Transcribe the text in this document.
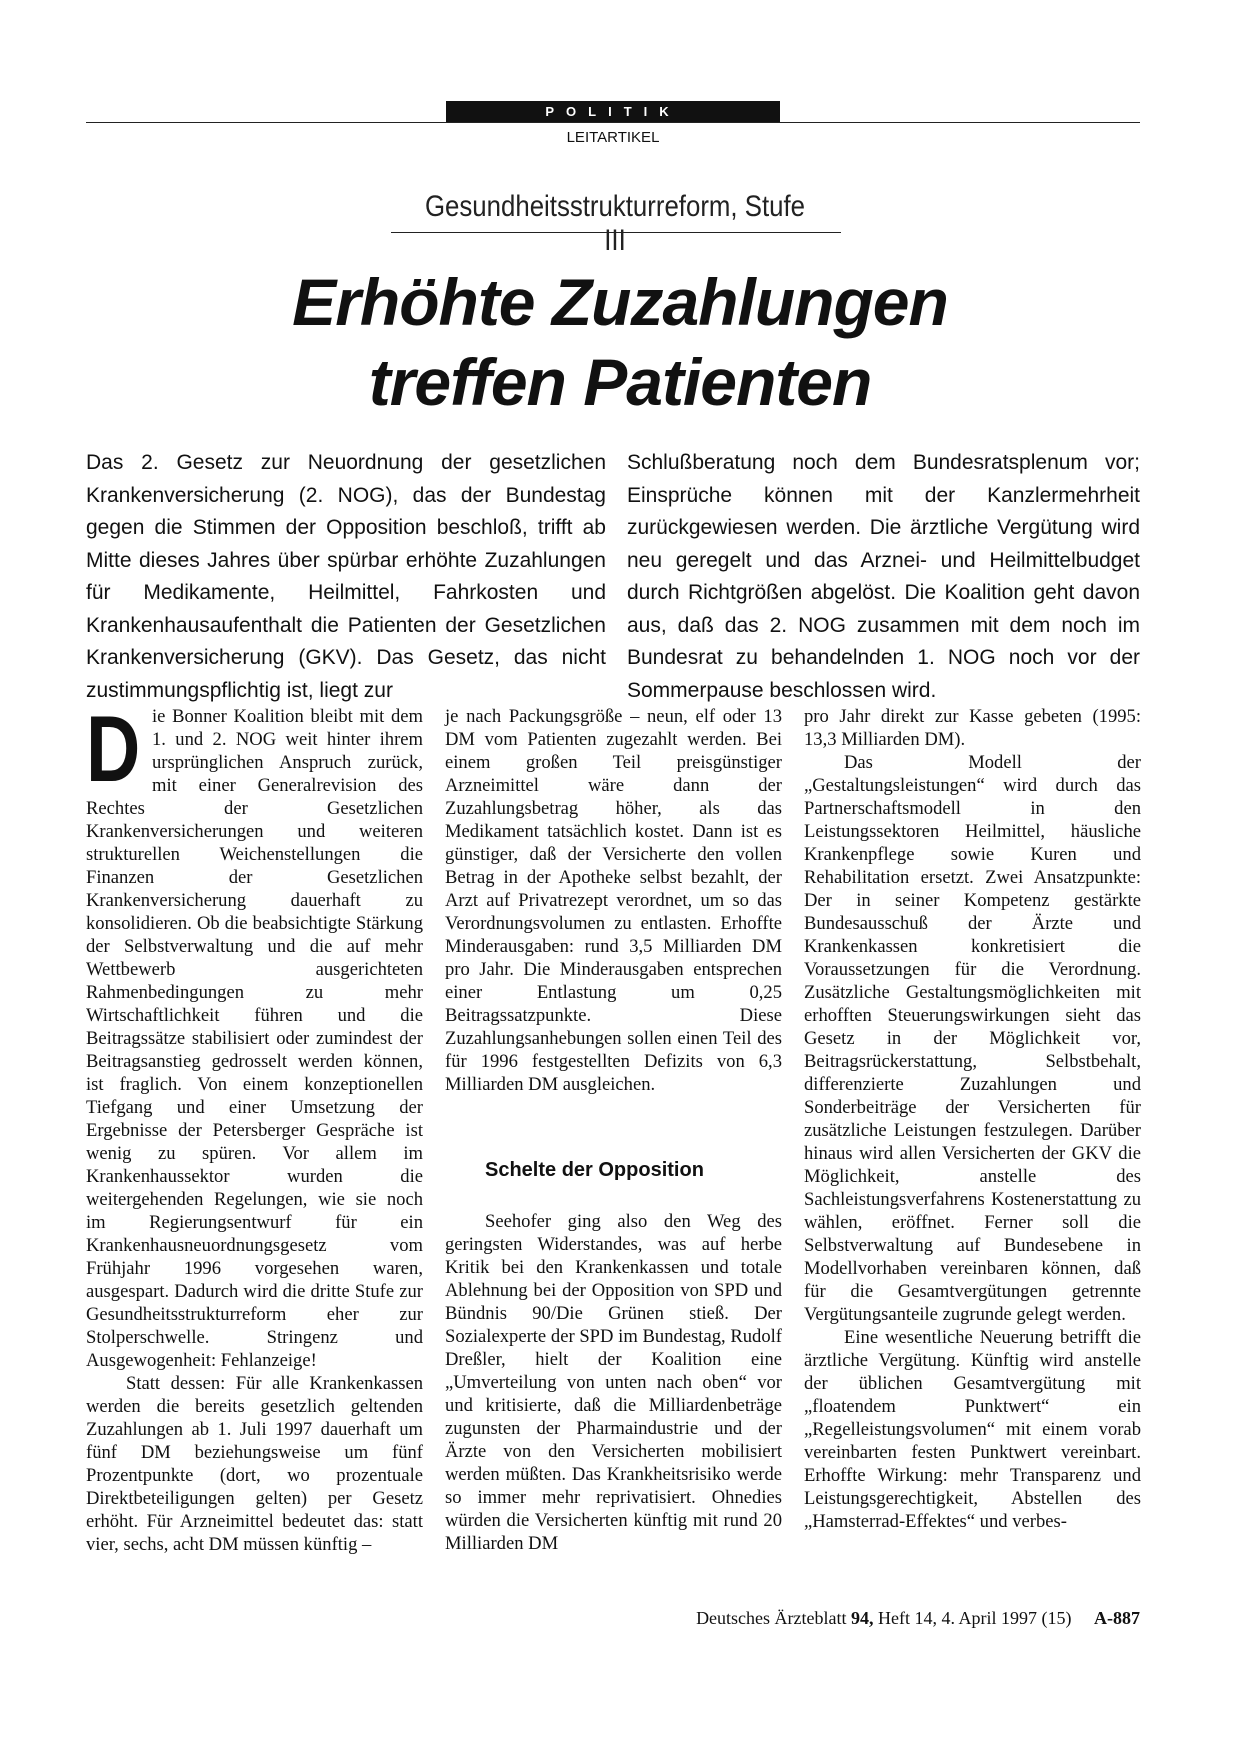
POLITIK
LEITARTIKEL
Gesundheitsstrukturreform, Stufe III
Erhöhte Zuzahlungen
treffen Patienten
Das 2. Gesetz zur Neuordnung der gesetzlichen Krankenversicherung (2. NOG), das der Bundestag gegen die Stimmen der Opposition beschloß, trifft ab Mitte dieses Jahres über spürbar erhöhte Zuzahlungen für Medikamente, Heilmittel, Fahrkosten und Krankenhausaufenthalt die Patienten der Gesetzlichen Krankenversicherung (GKV). Das Gesetz, das nicht zustimmungspflichtig ist, liegt zur
Schlußberatung noch dem Bundesratsplenum vor; Einsprüche können mit der Kanzlermehrheit zurückgewiesen werden. Die ärztliche Vergütung wird neu geregelt und das Arznei- und Heilmittelbudget durch Richtgrößen abgelöst. Die Koalition geht davon aus, daß das 2. NOG zusammen mit dem noch im Bundesrat zu behandelnden 1. NOG noch vor der Sommerpause beschlossen wird.
D ie Bonner Koalition bleibt mit dem 1. und 2. NOG weit hinter ihrem ursprünglichen Anspruch zurück, mit einer Generalrevision des Rechtes der Gesetzlichen Krankenversicherungen und weiteren strukturellen Weichenstellungen die Finanzen der Gesetzlichen Krankenversicherung dauerhaft zu konsolidieren. Ob die beabsichtigte Stärkung der Selbstverwaltung und die auf mehr Wettbewerb ausgerichteten Rahmenbedingungen zu mehr Wirtschaftlichkeit führen und die Beitragssätze stabilisiert oder zumindest der Beitragsanstieg gedrosselt werden können, ist fraglich. Von einem konzeptionellen Tiefgang und einer Umsetzung der Ergebnisse der Petersberger Gespräche ist wenig zu spüren. Vor allem im Krankenhaussektor wurden die weitergehenden Regelungen, wie sie noch im Regierungsentwurf für ein Krankenhausneuordnungsgesetz vom Frühjahr 1996 vorgesehen waren, ausgespart. Dadurch wird die dritte Stufe zur Gesundheitsstrukturreform eher zur Stolperschwelle. Stringenz und Ausgewogenheit: Fehlanzeige!

Statt dessen: Für alle Krankenkassen werden die bereits gesetzlich geltenden Zuzahlungen ab 1. Juli 1997 dauerhaft um fünf DM beziehungsweise um fünf Prozentpunkte (dort, wo prozentuale Direktbeteiligungen gelten) per Gesetz erhöht. Für Arzneimittel bedeutet das: statt vier, sechs, acht DM müssen künftig –

je nach Packungsgröße – neun, elf oder 13 DM vom Patienten zugezahlt werden. Bei einem großen Teil preisgünstiger Arzneimittel wäre dann der Zuzahlungsbetrag höher, als das Medikament tatsächlich kostet. Dann ist es günstiger, daß der Versicherte den vollen Betrag in der Apotheke selbst bezahlt, der Arzt auf Privatrezept verordnet, um so das Verordnungsvolumen zu entlasten. Erhoffte Minderausgaben: rund 3,5 Milliarden DM pro Jahr. Die Minderausgaben entsprechen einer Entlastung um 0,25 Beitragssatzpunkte. Diese Zuzahlungsanhebungen sollen einen Teil des für 1996 festgestellten Defizits von 6,3 Milliarden DM ausgleichen.

Schelte der Opposition

Seehofer ging also den Weg des geringsten Widerstandes, was auf herbe Kritik bei den Krankenkassen und totale Ablehnung bei der Opposition von SPD und Bündnis 90/Die Grünen stieß. Der Sozialexperte der SPD im Bundestag, Rudolf Dreßler, hielt der Koalition eine „Umverteilung von unten nach oben“ vor und kritisierte, daß die Milliardenbeträge zugunsten der Pharmaindustrie und der Ärzte von den Versicherten mobilisiert werden müßten. Das Krankheitsrisiko werde so immer mehr reprivatisiert. Ohnedies würden die Versicherten künftig mit rund 20 Milliarden DM

pro Jahr direkt zur Kasse gebeten (1995: 13,3 Milliarden DM).

Das Modell der „Gestaltungsleistungen“ wird durch das Partnerschaftsmodell in den Leistungssektoren Heilmittel, häusliche Krankenpflege sowie Kuren und Rehabilitation ersetzt. Zwei Ansatzpunkte: Der in seiner Kompetenz gestärkte Bundesausschuß der Ärzte und Krankenkassen konkretisiert die Voraussetzungen für die Verordnung. Zusätzliche Gestaltungsmöglichkeiten mit erhofften Steuerungswirkungen sieht das Gesetz in der Möglichkeit vor, Beitragsrückerstattung, Selbstbehalt, differenzierte Zuzahlungen und Sonderbeiträge der Versicherten für zusätzliche Leistungen festzulegen. Darüber hinaus wird allen Versicherten der GKV die Möglichkeit, anstelle des Sachleistungsverfahrens Kostenerstattung zu wählen, eröffnet. Ferner soll die Selbstverwaltung auf Bundesebene in Modellvorhaben vereinbaren können, daß für die Gesamtvergütungen getrennte Vergütungsanteile zugrunde gelegt werden.

Eine wesentliche Neuerung betrifft die ärztliche Vergütung. Künftig wird anstelle der üblichen Gesamtvergütung mit „floatendem Punktwert“ ein „Regelleistungsvolumen“ mit einem vorab vereinbarten festen Punktwert vereinbart. Erhoffte Wirkung: mehr Transparenz und Leistungsgerechtigkeit, Abstellen des „Hamsterrad-Effektes“ und verbes-

Deutsches Ärzteblatt 94, Heft 14, 4. April 1997 (15) A-887
